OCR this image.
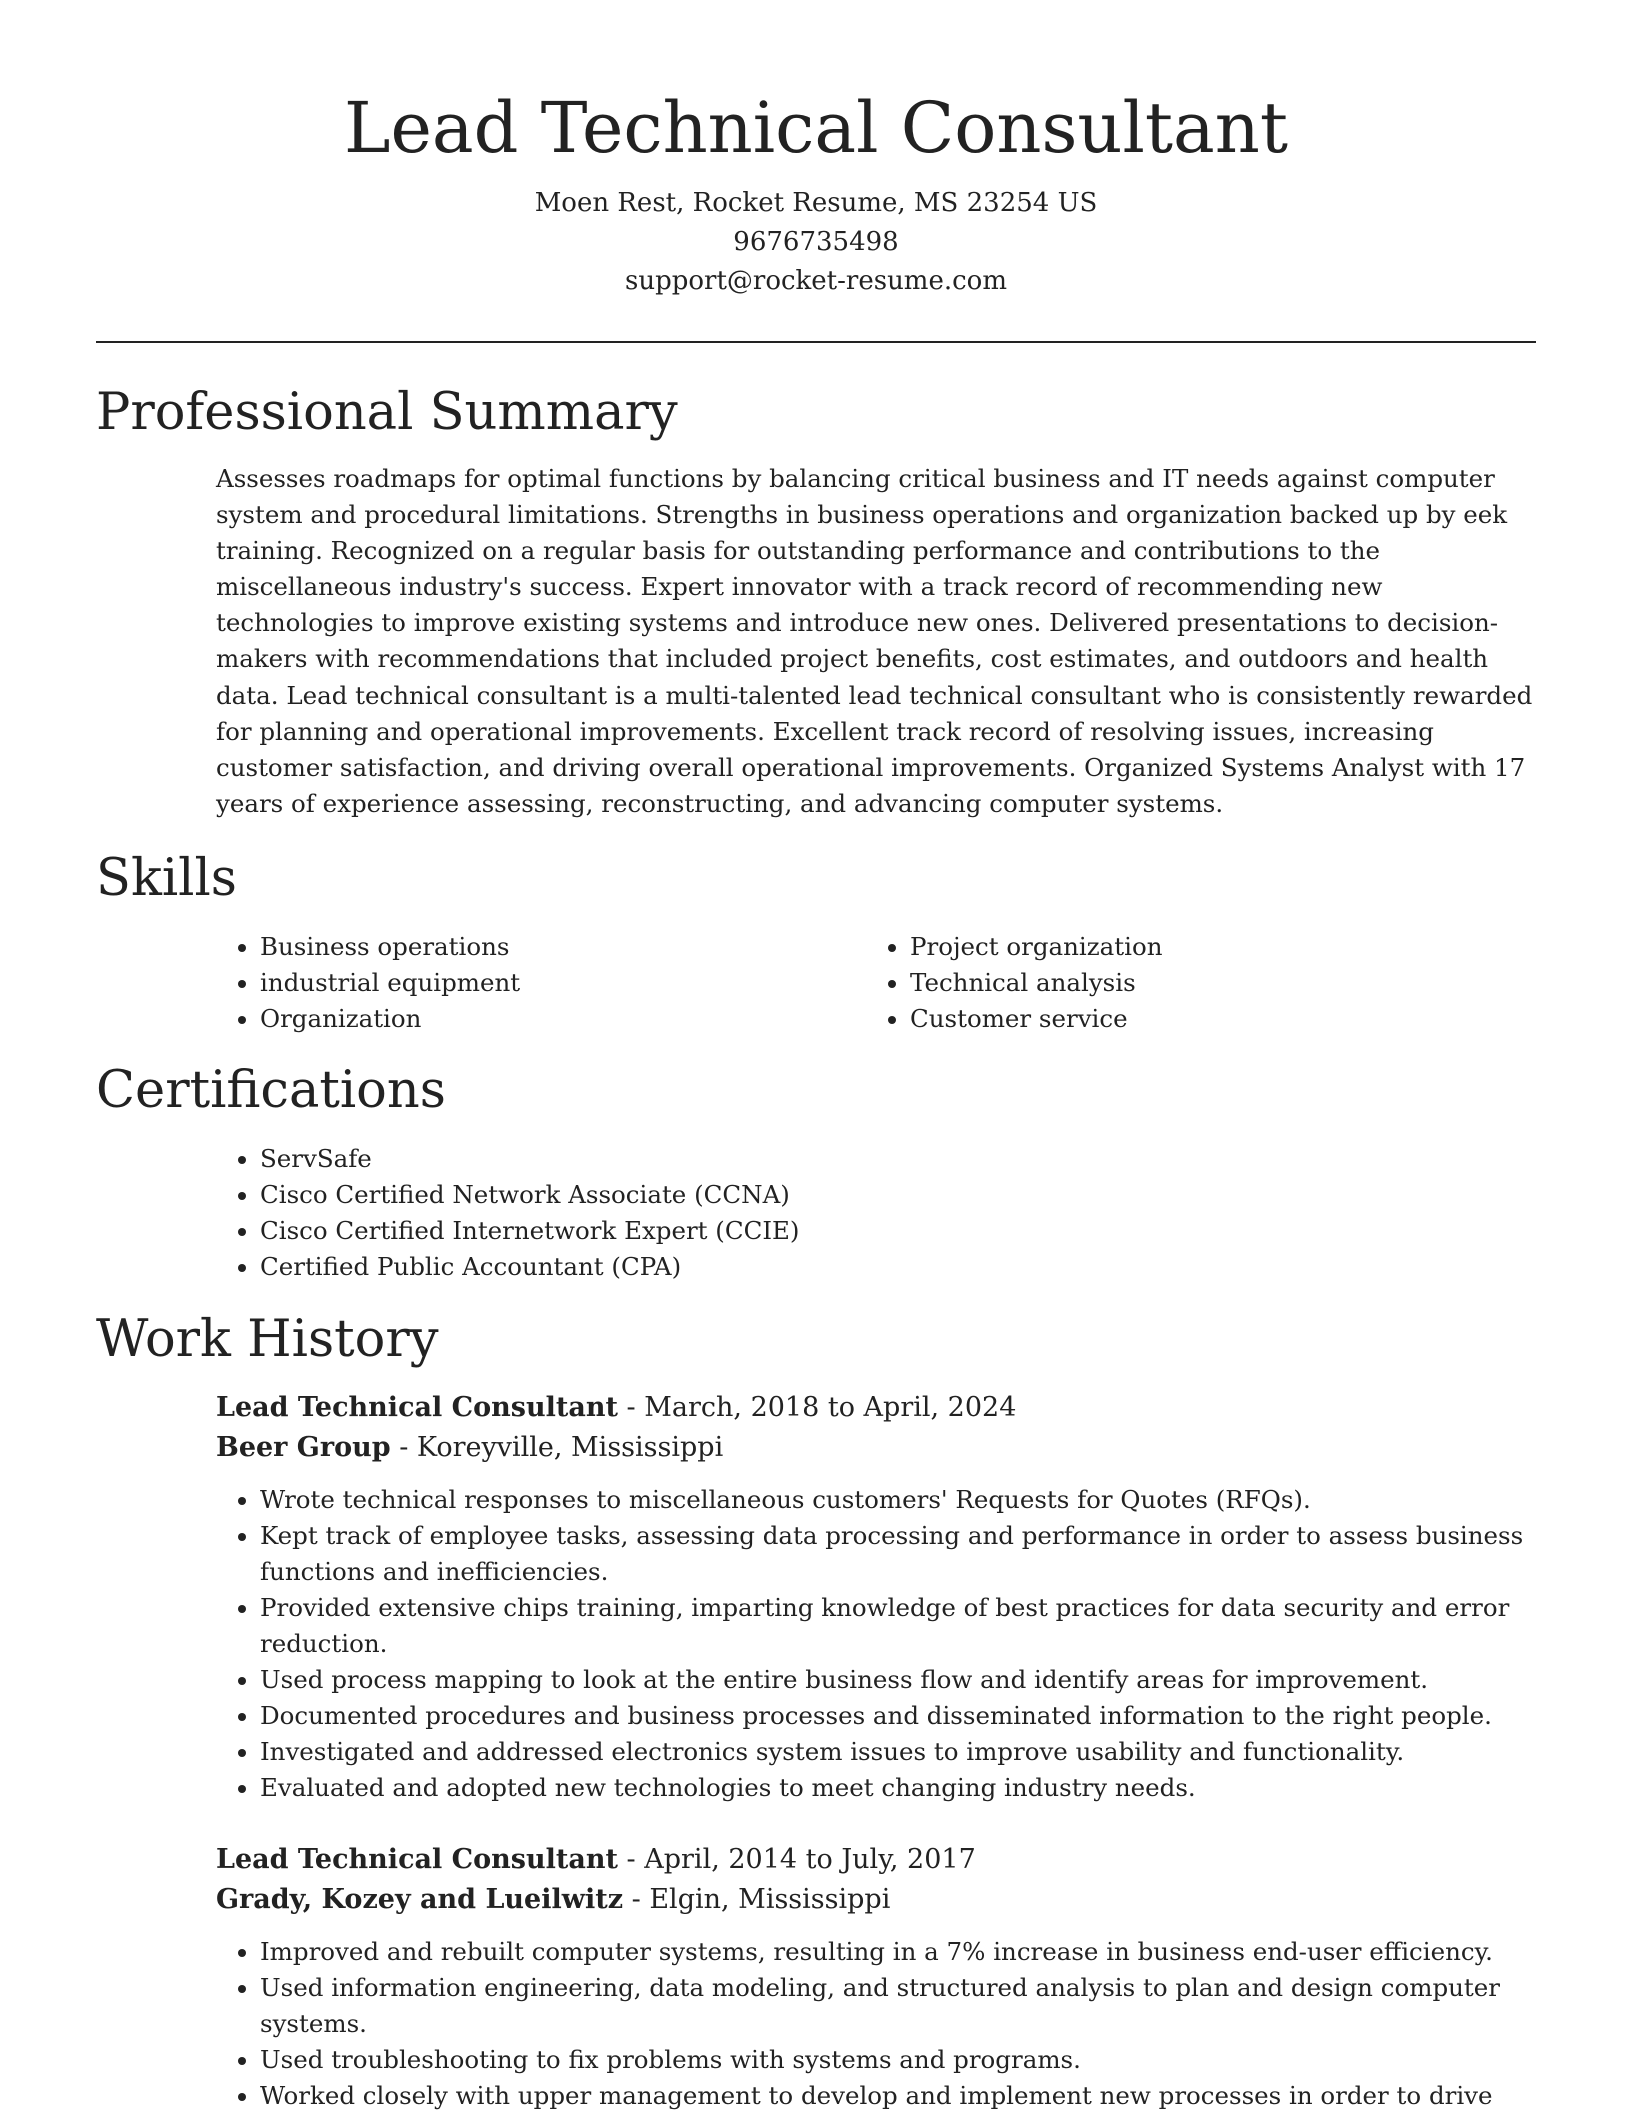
Lead Technical Consultant
Moen Rest, Rocket Resume, MS 23254 US
9676735498
support@rocket-resume.com
Professional Summary

Assesses roadmaps for optimal functions by balancing critical business and IT needs against computer system and procedural limitations. Strengths in business operations and organization backed up by eek training. Recognized on a regular basis for outstanding performance and contributions to the miscellaneous industry's success. Expert innovator with a track record of recommending new technologies to improve existing systems and introduce new ones. Delivered presentations to decision-makers with recommendations that included project benefits, cost estimates, and outdoors and health data. Lead technical consultant is a multi-talented lead technical consultant who is consistently rewarded for planning and operational improvements. Excellent track record of resolving issues, increasing customer satisfaction, and driving overall operational improvements. Organized Systems Analyst with 17 years of experience assessing, reconstructing, and advancing computer systems.

Skills
• Business operations
• industrial equipment
• Organization
• Project organization
• Technical analysis
• Customer service
Certifications
• ServSafe
• Cisco Certified Network Associate (CCNA)
• Cisco Certified Internetwork Expert (CCIE)
• Certified Public Accountant (CPA)
Work History
Lead Technical Consultant - March, 2018 to April, 2024
Beer Group - Koreyville, Mississippi
• Wrote technical responses to miscellaneous customers' Requests for Quotes (RFQs).
• Kept track of employee tasks, assessing data processing and performance in order to assess business functions and inefficiencies.
• Provided extensive chips training, imparting knowledge of best practices for data security and error reduction.
• Used process mapping to look at the entire business flow and identify areas for improvement.
• Documented procedures and business processes and disseminated information to the right people.
• Investigated and addressed electronics system issues to improve usability and functionality.
• Evaluated and adopted new technologies to meet changing industry needs.
Lead Technical Consultant - April, 2014 to July, 2017
Grady, Kozey and Lueilwitz - Elgin, Mississippi
• Improved and rebuilt computer systems, resulting in a 7% increase in business end-user efficiency.
• Used information engineering, data modeling, and structured analysis to plan and design computer systems.
• Used troubleshooting to fix problems with systems and programs.
• Worked closely with upper management to develop and implement new processes in order to drive
